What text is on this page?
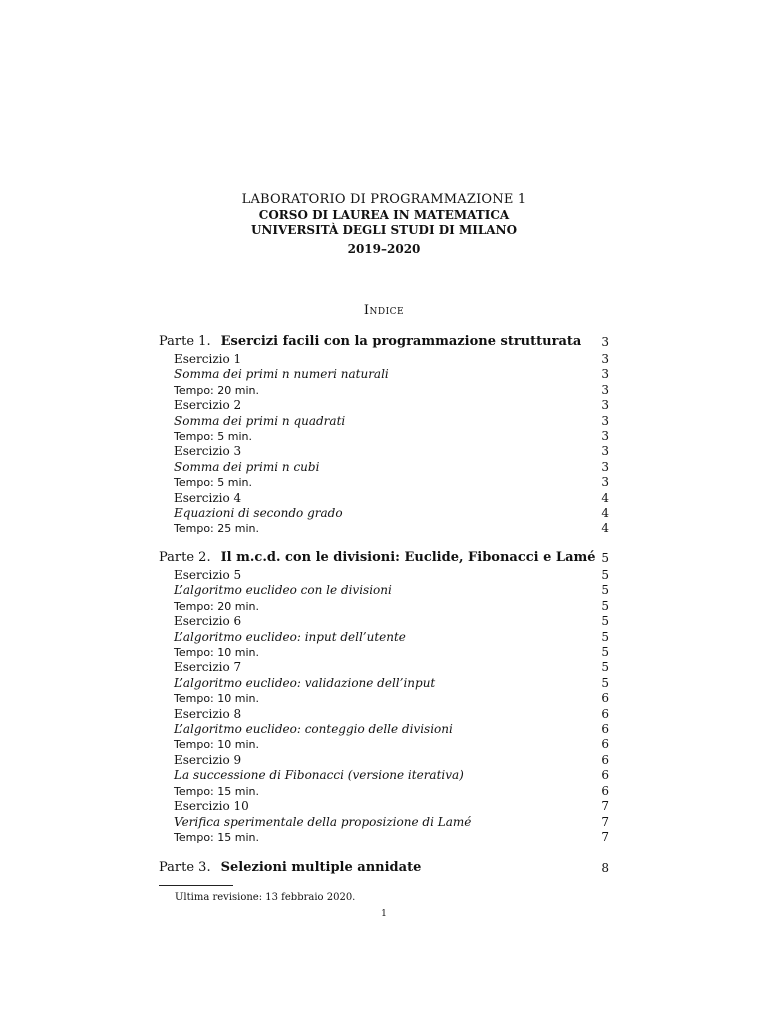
LABORATORIO DI PROGRAMMAZIONE 1
CORSO DI LAUREA IN MATEMATICA
UNIVERSITÀ DEGLI STUDI DI MILANO
2019–2020
Indice
Parte 1. Esercizi facili con la programmazione strutturata 3
Esercizio 1	3
Somma dei primi n numeri naturali	3
Tempo: 20 min.	3
Esercizio 2	3
Somma dei primi n quadrati	3
Tempo: 5 min.	3
Esercizio 3	3
Somma dei primi n cubi	3
Tempo: 5 min.	3
Esercizio 4	4
Equazioni di secondo grado	4
Tempo: 25 min.	4
Parte 2. Il m.c.d. con le divisioni: Euclide, Fibonacci e Lamé 5
Esercizio 5	5
L’algoritmo euclideo con le divisioni	5
Tempo: 20 min.	5
Esercizio 6	5
L’algoritmo euclideo: input dell’utente	5
Tempo: 10 min.	5
Esercizio 7	5
L’algoritmo euclideo: validazione dell’input	5
Tempo: 10 min.	6
Esercizio 8	6
L’algoritmo euclideo: conteggio delle divisioni	6
Tempo: 10 min.	6
Esercizio 9	6
La successione di Fibonacci (versione iterativa)	6
Tempo: 15 min.	6
Esercizio 10	7
Verifica sperimentale della proposizione di Lamé	7
Tempo: 15 min.	7
Parte 3. Selezioni multiple annidate	8
Ultima revisione: 13 febbraio 2020.
1
